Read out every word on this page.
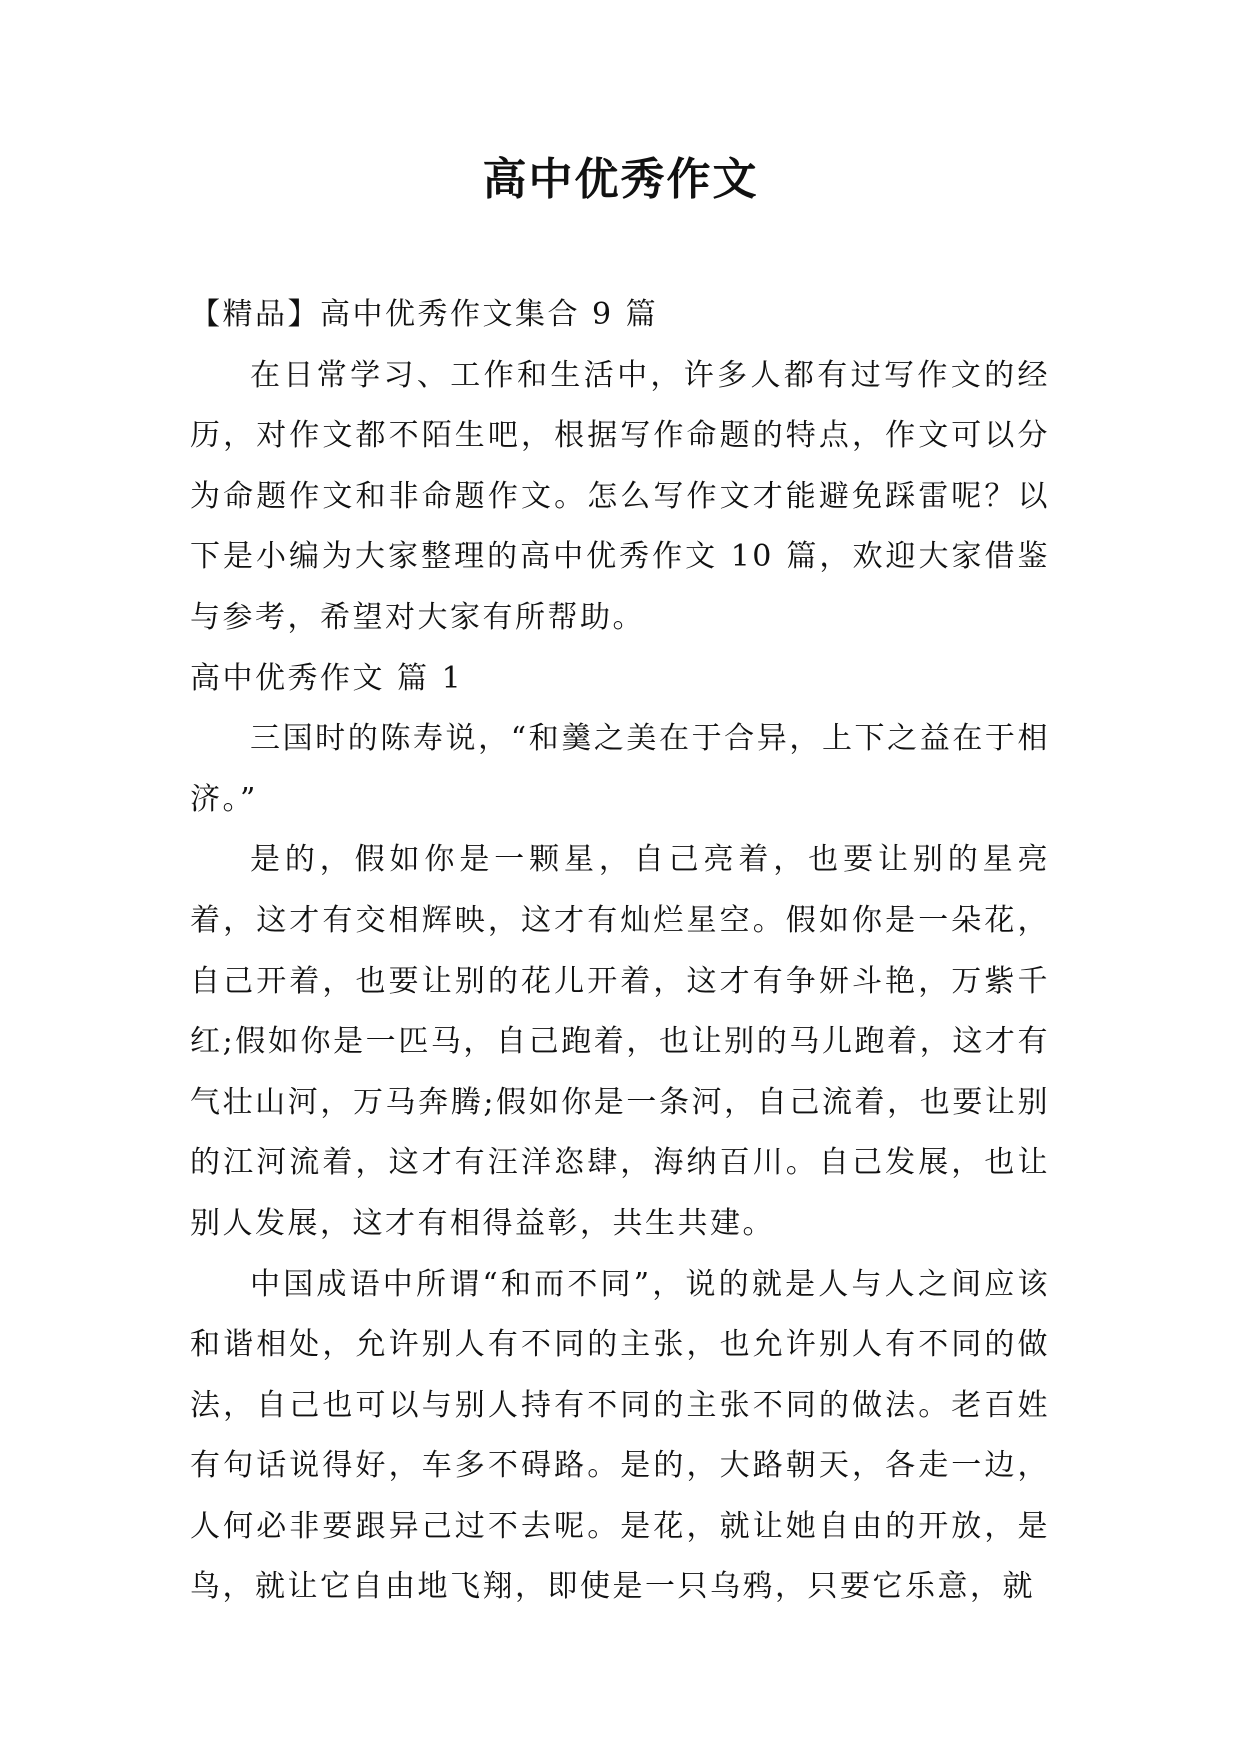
高中优秀作文

【精品】高中优秀作文集合 9 篇

在日常学习、工作和生活中，许多人都有过写作文的经历，对作文都不陌生吧，根据写作命题的特点，作文可以分为命题作文和非命题作文。怎么写作文才能避免踩雷呢？以下是小编为大家整理的高中优秀作文 10 篇，欢迎大家借鉴与参考，希望对大家有所帮助。

高中优秀作文 篇 1

三国时的陈寿说，“和羹之美在于合异，上下之益在于相济。”

是的，假如你是一颗星，自己亮着，也要让别的星亮着，这才有交相辉映，这才有灿烂星空。假如你是一朵花，自己开着，也要让别的花儿开着，这才有争妍斗艳，万紫千红;假如你是一匹马，自己跑着，也让别的马儿跑着，这才有气壮山河，万马奔腾;假如你是一条河，自己流着，也要让别的江河流着，这才有汪洋恣肆，海纳百川。自己发展，也让别人发展，这才有相得益彰，共生共建。

中国成语中所谓“和而不同”，说的就是人与人之间应该和谐相处，允许别人有不同的主张，也允许别人有不同的做法，自己也可以与别人持有不同的主张不同的做法。老百姓有句话说得好，车多不碍路。是的，大路朝天，各走一边，人何必非要跟异己过不去呢。是花，就让她自由的开放，是鸟，就让它自由地飞翔，即使是一只乌鸦，只要它乐意，就
